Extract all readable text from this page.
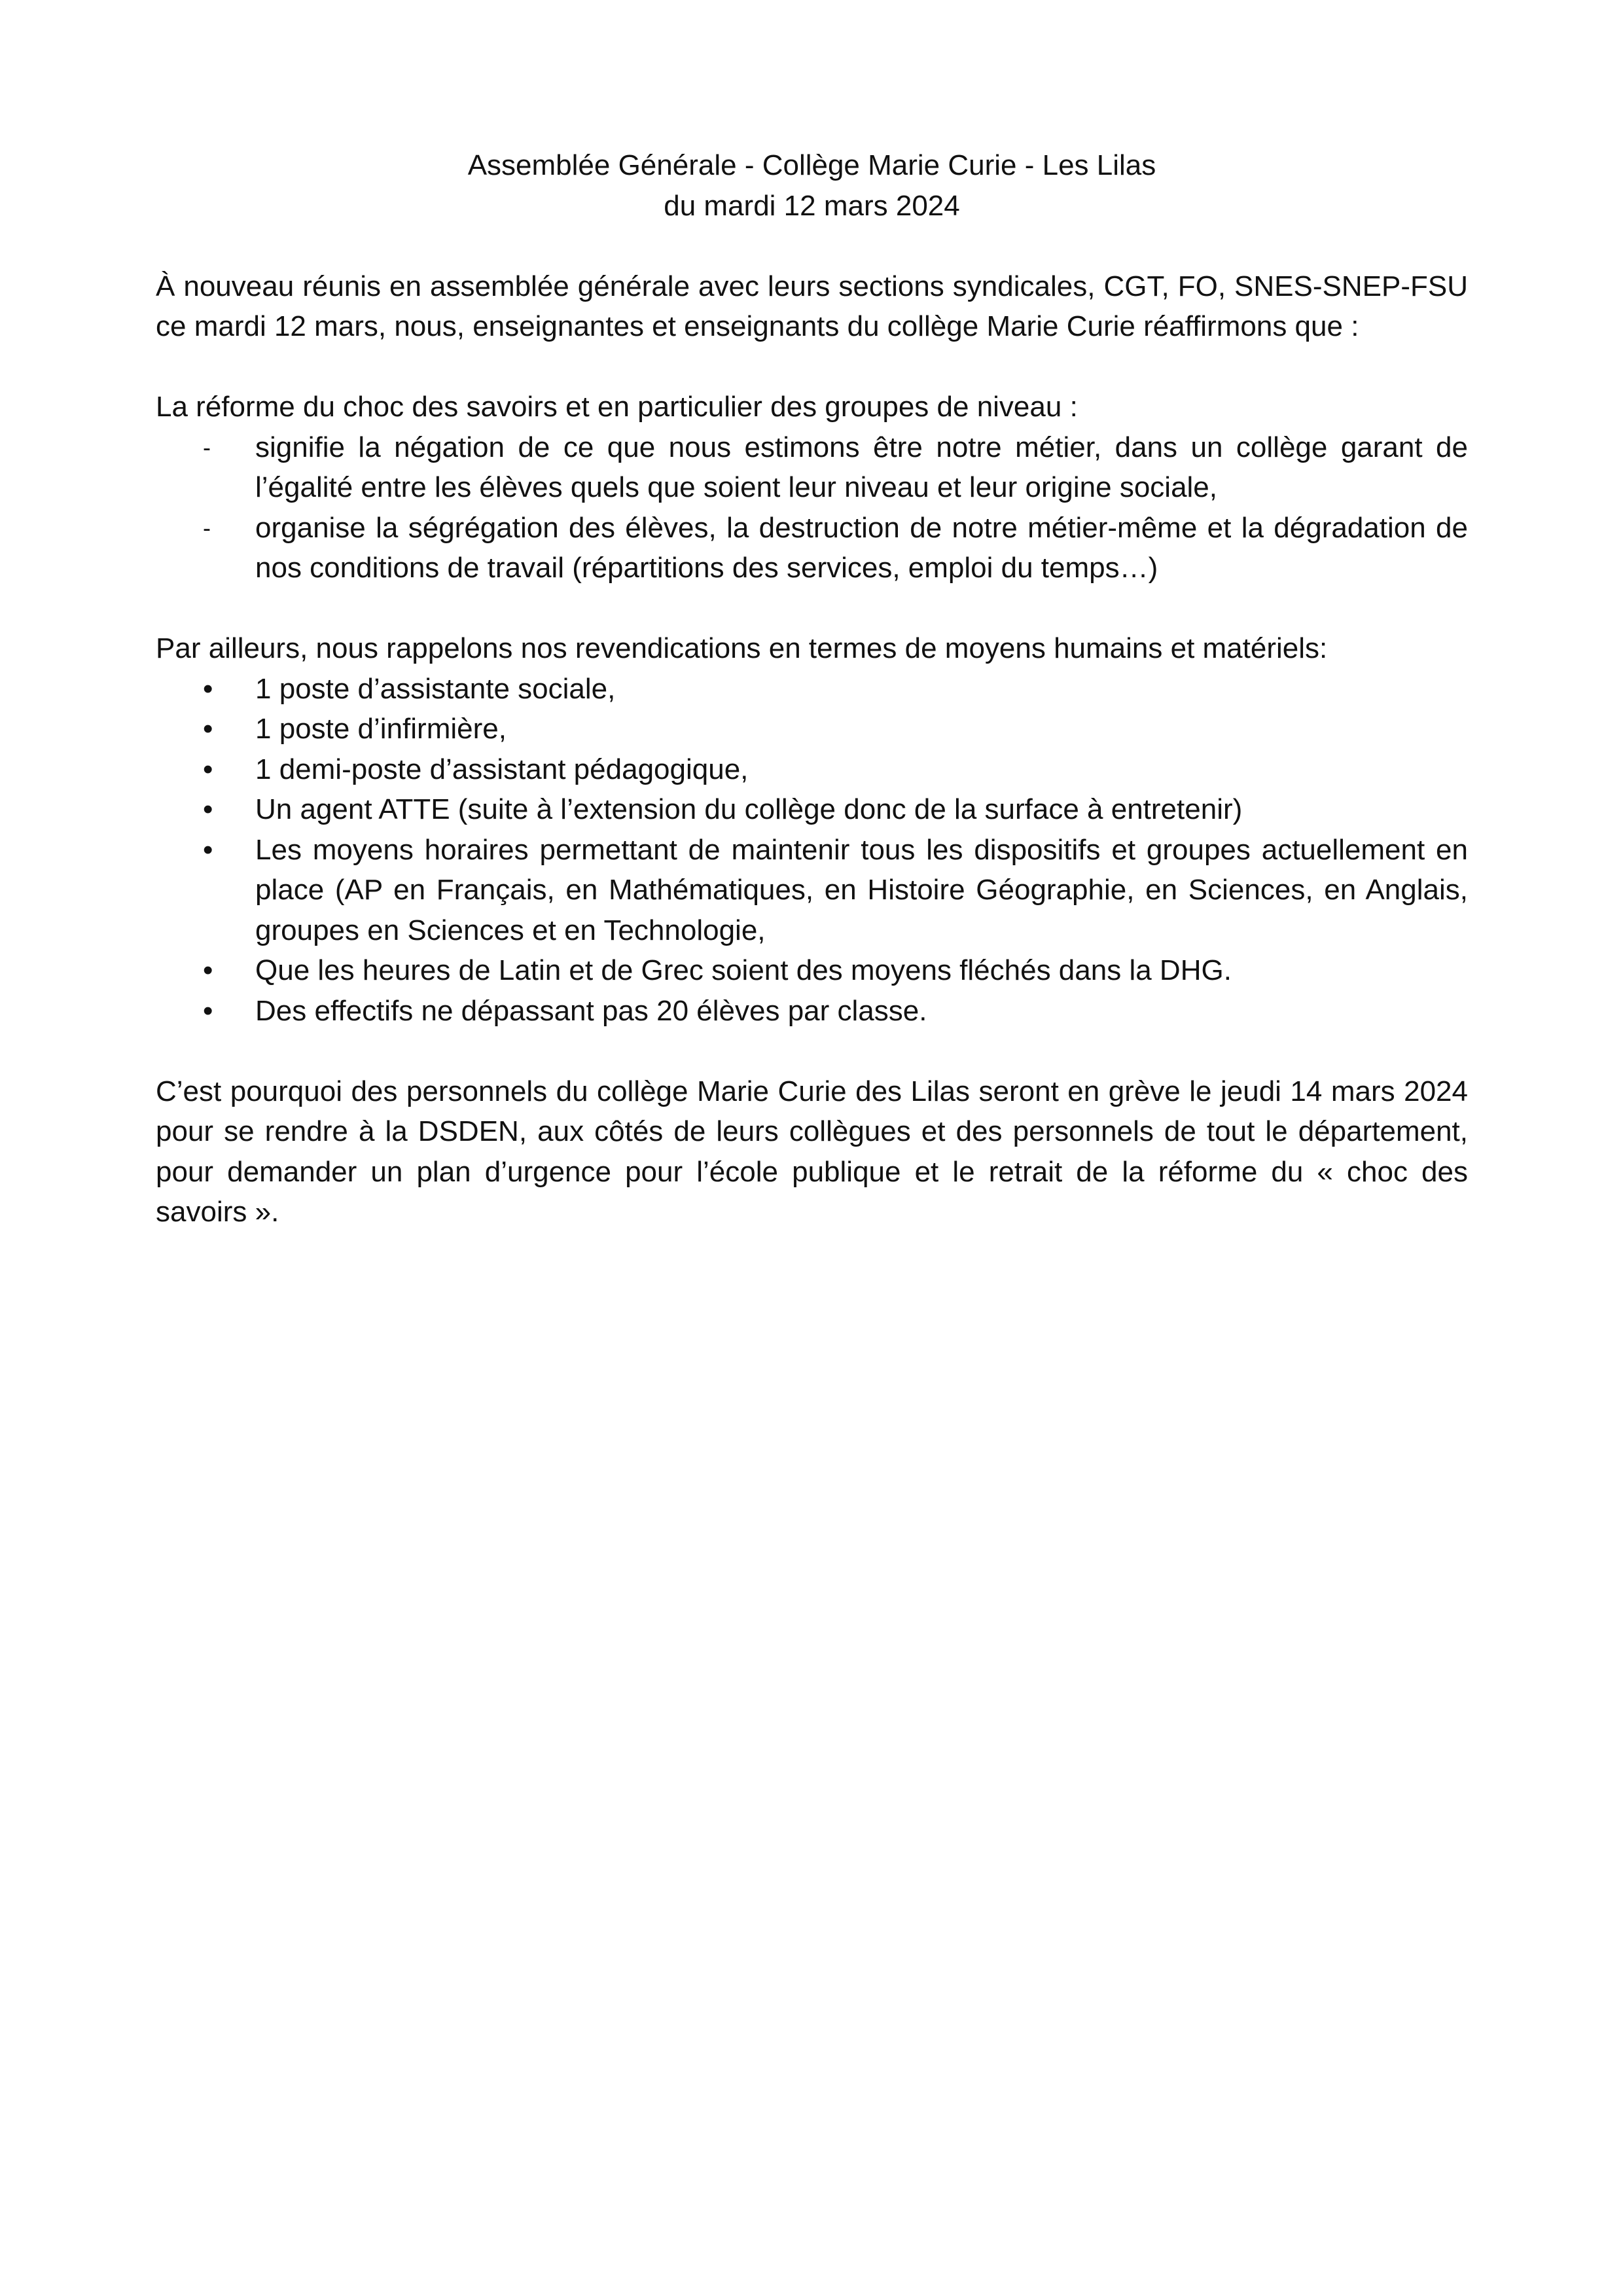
Assemblée Générale - Collège Marie Curie - Les Lilas
du mardi 12 mars 2024

À nouveau réunis en assemblée générale avec leurs sections syndicales, CGT, FO, SNES-SNEP-FSU ce mardi 12 mars, nous, enseignantes et enseignants du collège Marie Curie réaffirmons que :

La réforme du choc des savoirs et en particulier des groupes de niveau :

- signifie la négation de ce que nous estimons être notre métier, dans un collège garant de l’égalité entre les élèves quels que soient leur niveau et leur origine sociale,
- organise la ségrégation des élèves, la destruction de notre métier-même et la dégradation de nos conditions de travail (répartitions des services, emploi du temps…)

Par ailleurs, nous rappelons nos revendications en termes de moyens humains et matériels:

• 1 poste d’assistante sociale,
• 1 poste d’infirmière,
• 1 demi-poste d’assistant pédagogique,
• Un agent ATTE (suite à l’extension du collège donc de la surface à entretenir)
• Les moyens horaires permettant de maintenir tous les dispositifs et groupes actuellement en place (AP en Français, en Mathématiques, en Histoire Géographie, en Sciences, en Anglais, groupes en Sciences et en Technologie,
• Que les heures de Latin et de Grec soient des moyens fléchés dans la DHG.
• Des effectifs ne dépassant pas 20 élèves par classe.

C’est pourquoi des personnels du collège Marie Curie des Lilas seront en grève le jeudi 14 mars 2024 pour se rendre à la DSDEN, aux côtés de leurs collègues et des personnels de tout le département, pour demander un plan d’urgence pour l’école publique et le retrait de la réforme du « choc des savoirs ».
